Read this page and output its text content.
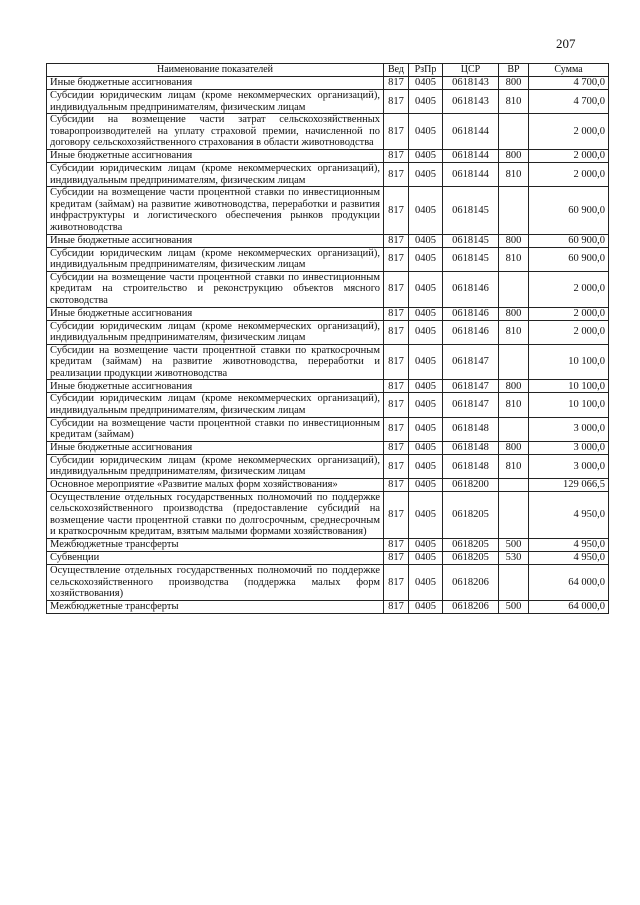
207
Наименование показателей	Вед	РзПр	ЦСР	ВР	Сумма
Иные бюджетные ассигнования	817	0405	0618143	800	4 700,0
Субсидии юридическим лицам (кроме некоммерческих организаций), индивидуальным предпринимателям, физическим лицам	817	0405	0618143	810	4 700,0
Субсидии на возмещение части затрат сельскохозяйственных товаропроизводителей на уплату страховой премии, начисленной по договору сельскохозяйственного страхования в области животноводства	817	0405	0618144		2 000,0
Иные бюджетные ассигнования	817	0405	0618144	800	2 000,0
Субсидии юридическим лицам (кроме некоммерческих организаций), индивидуальным предпринимателям, физическим лицам	817	0405	0618144	810	2 000,0
Субсидии на возмещение части процентной ставки по инвестиционным кредитам (займам) на развитие животноводства, переработки и развития инфраструктуры и логистического обеспечения рынков продукции животноводства	817	0405	0618145		60 900,0
Иные бюджетные ассигнования	817	0405	0618145	800	60 900,0
Субсидии юридическим лицам (кроме некоммерческих организаций), индивидуальным предпринимателям, физическим лицам	817	0405	0618145	810	60 900,0
Субсидии на возмещение части процентной ставки по инвестиционным кредитам на строительство и реконструкцию объектов мясного скотоводства	817	0405	0618146		2 000,0
Иные бюджетные ассигнования	817	0405	0618146	800	2 000,0
Субсидии юридическим лицам (кроме некоммерческих организаций), индивидуальным предпринимателям, физическим лицам	817	0405	0618146	810	2 000,0
Субсидии на возмещение части процентной ставки по краткосрочным кредитам (займам) на развитие животноводства, переработки и реализации продукции животноводства	817	0405	0618147		10 100,0
Иные бюджетные ассигнования	817	0405	0618147	800	10 100,0
Субсидии юридическим лицам (кроме некоммерческих организаций), индивидуальным предпринимателям, физическим лицам	817	0405	0618147	810	10 100,0
Субсидии на возмещение части процентной ставки по инвестиционным кредитам (займам)	817	0405	0618148		3 000,0
Иные бюджетные ассигнования	817	0405	0618148	800	3 000,0
Субсидии юридическим лицам (кроме некоммерческих организаций), индивидуальным предпринимателям, физическим лицам	817	0405	0618148	810	3 000,0
Основное мероприятие «Развитие малых форм хозяйствования»	817	0405	0618200		129 066,5
Осуществление отдельных государственных полномочий по поддержке сельскохозяйственного производства (предоставление субсидий на возмещение части процентной ставки по долгосрочным, среднесрочным и краткосрочным кредитам, взятым малыми формами хозяйствования)	817	0405	0618205		4 950,0
Межбюджетные трансферты	817	0405	0618205	500	4 950,0
Субвенции	817	0405	0618205	530	4 950,0
Осуществление отдельных государственных полномочий по поддержке сельскохозяйственного производства (поддержка малых форм хозяйствования)	817	0405	0618206		64 000,0
Межбюджетные трансферты	817	0405	0618206	500	64 000,0
